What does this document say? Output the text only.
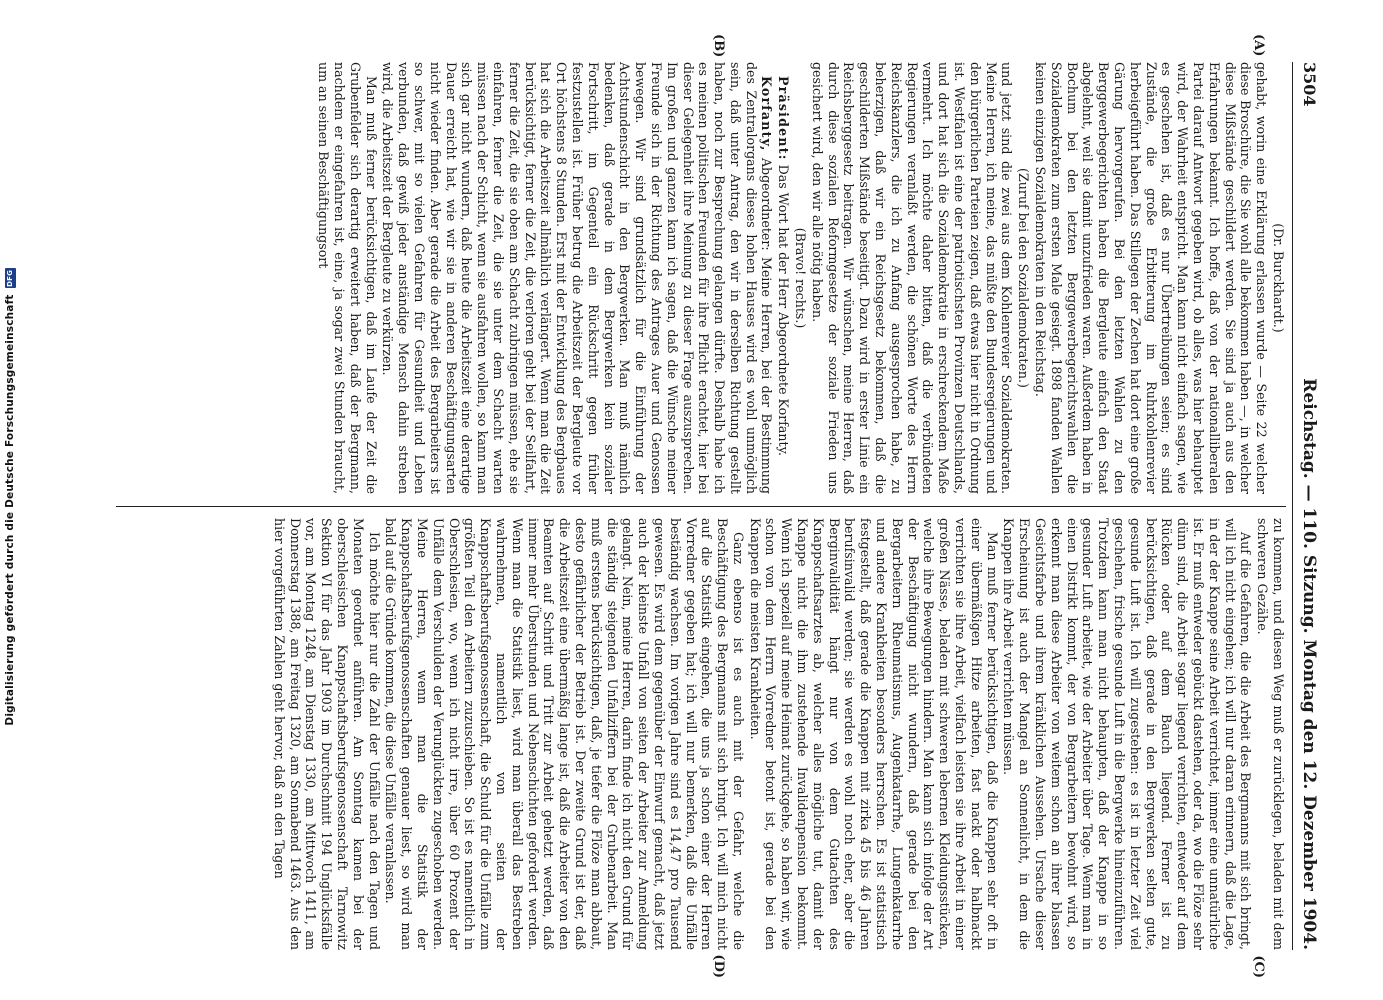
Digitalisierung gefördert durch die Deutsche Forschungsgemeinschaft
DFG
3504
Reichstag. — 110. Sitzung. Montag den 12. Dezember 1904.
(A)
(B)

(Dr. Burckhardt.)

gehabt, worin eine Erklärung erlassen wurde — Seite 22 welcher diese Broschüre, die Sie wohl alle bekommen haben —, in welcher diese Mißstände geschildert werden. Sie sind ja auch aus den Erfahrungen bekannt. Ich hoffe, daß von der nationalliberalen Partei darauf Antwort gegeben wird, ob alles, was hier behauptet wird, der Wahrheit entspricht. Man kann nicht einfach sagen, wie es geschehen ist, daß es nur Übertreibungen seien; es sind Zustände, die große Erbitterung im Ruhrkohlenrevier herbeigeführt haben. Das Stillegen der Zechen hat dort eine große Gärung hervorgerufen. Bei den letzten Wahlen zu den Berggewerbegerichten haben die Bergleute einfach den Staat abgelehnt, weil sie damit unzufrieden waren. Außerdem haben in Bochum bei den letzten Berggewerbegerichtswahlen die Sozialdemokraten zum ersten Male gesiegt. 1898 fanden Wahlen keinen einzigen Sozialdemokraten in den Reichstag.

(Zuruf bei den Sozialdemokraten.)

und jetzt sind die zwei aus dem Kohlenrevier Sozialdemokraten. Meine Herren, ich meine, das müßte den Bundesregierungen und den bürgerlichen Parteien zeigen, daß etwas hier nicht in Ordnung ist. Westfalen ist eine der patriotischsten Provinzen Deutschlands, und dort hat sich die Sozialdemokratie in erschreckendem Maße vermehrt. Ich möchte daher bitten, daß die verbündeten Regierungen veranlaßt werden, die schönen Worte des Herrn Reichskanzlers, die ich zu Anfang ausgesprochen habe, zu beherzigen, daß wir ein Reichsgesetz bekommen, daß die geschilderten Mißstände beseitigt. Dazu wird in erster Linie ein Reichsberggesetz beitragen. Wir wünschen, meine Herren, daß durch diese sozialen Reformgesetze der soziale Frieden uns gesichert wird, den wir alle nötig haben.

(Bravo! rechts.)

Präsident: Das Wort hat der Herr Abgeordnete Korfanty.

Korfanty, Abgeordneter: Meine Herren, bei der Bestimmung des Zentralorgans dieses hohen Hauses wird es wohl unmöglich sein, daß unter Antrag, den wir in derselben Richtung gestellt haben, noch zur Besprechung gelangen dürfte. Deshalb habe ich es meinen politischen Freunden für ihre Pflicht erachtet, hier bei dieser Gelegenheit ihre Meinung zu dieser Frage auszusprechen. Im großen und ganzen kann ich sagen, daß die Wünsche meiner Freunde sich in der Richtung des Antrages Auer und Genossen bewegen. Wir sind grundsätzlich für die Einführung der Achtstundenschicht in den Bergwerken. Man muß nämlich bedenken, daß gerade in dem Bergwerken kein sozialer Fortschritt, im Gegenteil ein Rückschritt gegen früher festzustellen ist. Früher betrug die Arbeitszeit der Bergleute vor Ort höchstens 8 Stunden. Erst mit der Entwicklung des Bergbaues hat sich die Arbeitszeit allmählich verlängert. Wenn man die Zeit berücksichtigt, ferner die Zeit, die verloren geht bei der Seilfahrt, ferner die Zeit, die sie oben am Schacht zubringen müssen, ehe sie einfahren, ferner die Zeit, die sie unter dem Schacht warten müssen nach der Schicht, wenn sie ausfahren wollen, so kann man sich gar nicht wundern, daß heute die Arbeitszeit eine derartige Dauer erreicht hat, wie wir sie in anderen Beschäftigungsarten nicht wieder finden. Aber gerade die Arbeit des Bergarbeiters ist so schwer, mit so vielen Gefahren für Gesundheit und Leben verbunden, daß gewiß jeder anständige Mensch dahin streben wird, die Arbeitszeit der Bergleute zu verkürzen.

Man muß ferner berücksichtigen, daß im Laufe der Zeit die Grubenfelder sich derartig erweitert haben, daß der Bergmann, nachdem er eingefahren ist, eine, ja sogar zwei Stunden braucht, um an seinen Beschäftigungsort

(C)
(D)

zu kommen, und diesen Weg muß er zurücklegen, beladen mit dem schweren Gezähe.

Auf die Gefahren, die die Arbeit des Bergmanns mit sich bringt, will ich nicht eingehen; ich will nur daran erinnern, daß die Lage, in der der Knappe seine Arbeit verrichtet, immer eine unnatürliche ist. Er muß entweder gebückt dastehen, oder da, wo die Flöze sehr dünn sind, die Arbeit sogar liegend verrichten, entweder auf dem Rücken oder auf dem Bauch liegend. Ferner ist zu berücksichtigen, daß gerade in den Bergwerken selten gute, gesunde Luft ist. Ich will zugestehen: es ist in letzter Zeit viel geschehen, frische gesunde Luft in die Bergwerke hineinzuführen. Trotzdem kann man nicht behaupten, daß der Knappe in so gesunder Luft arbeitet, wie der Arbeiter über Tage. Wenn man in einen Distrikt kommt, der von Bergarbeitern bewohnt wird, so erkennt man diese Arbeiter von weitem schon an ihrer blassen Gesichtsfarbe und ihrem kränklichen Aussehen. Ursache dieser Erscheinung ist auch der Mangel an Sonnenlicht, in dem die Knappen ihre Arbeit verrichten müssen.

Man muß ferner berücksichtigen, daß die Knappen sehr oft in einer übermäßigen Hitze arbeiten, fast nackt oder halbnackt verrichten sie ihre Arbeit, vielfach leisten sie ihre Arbeit in einer großen Nässe, beladen mit schweren lebernen Kleidungsstücken, welche ihre Bewegungen hindern. Man kann sich infolge der Art der Beschäftigung nicht wundern, daß gerade bei den Bergarbeitern Rheumatismus, Augenkatarrhe, Lungenkatarrhe und andere Krankheiten besonders herrschen. Es ist statistisch festgestellt, daß gerade die Knappen mit zirka 45 bis 46 Jahren berufsinvalid werden; sie werden es wohl noch eher, aber die Berginvalidität hängt nur von dem Gutachten des Knappschaftsarztes ab, welcher alles mögliche tut, damit der Knappe nicht die ihm zustehende Invalidenpension bekommt. Wenn ich speziell auf meine Heimat zurückgehe, so haben wir, wie schon von dem Herrn Vorredner betont ist, gerade bei den Knappen die meisten Krankheiten.

Ganz ebenso ist es auch mit der Gefahr, welche die Beschäftigung des Bergmanns mit sich bringt. Ich will mich nicht auf die Statistik eingehen, die uns ja schon einer der Herren Vorredner gegeben hat; ich will nur bemerken, daß die Unfälle beständig wachsen. Im vorigen Jahre sind es 14,47 pro Tausend gewesen. Es wird dem gegenüber der Einwurf gemacht, daß jetzt auch der kleinste Unfall von seiten der Arbeiter zur Anmeldung gelangt. Nein, meine Herren, darin finde ich nicht den Grund für die ständig steigenden Unfallziffern bei der Grubenarbeit. Man muß erstens berücksichtigen, daß, je tiefer die Flöze man abbaut, desto gefährlicher der Betrieb ist. Der zweite Grund ist der, daß die Arbeitszeit eine übermäßig lange ist, daß die Arbeiter von den Beamten auf Schritt und Tritt zur Arbeit gehetzt werden, daß immer mehr Überstunden und Nebenschichten gefordert werden. Wenn man die Statistik liest, wird man überall das Bestreben wahrnehmen, namentlich von seiten der Knappschaftsberufsgenossenschaft, die Schuld für die Unfälle zum größten Teil den Arbeitern zuzuschieben. So ist es namentlich in Oberschlesien, wo, wenn ich nicht irre, über 60 Prozent der Unfälle dem Verschulden der Verunglückten zugeschoben werden. Meine Herren, wenn man die Statistik der Knappschaftsberufsgenossenschaften genauer liest, so wird man bald auf die Gründe kommen, die diese Unfälle veranlassen.

Ich möchte hier nur die Zahl der Unfälle nach den Tagen und Monaten geordnet anführen. Am Sonntag kamen bei der oberschlesischen Knappschaftsberufsgenossenschaft Tarnowitz Sektion VI für das Jahr 1903 im Durchschnitt 194 Unglücksfälle vor, am Montag 1248, am Dienstag 1330, am Mittwoch 1411, am Donnerstag 1388, am Freitag 1320, am Sonnabend 1463. Aus den hier vorgeführten Zahlen geht hervor, daß an den Tagen
